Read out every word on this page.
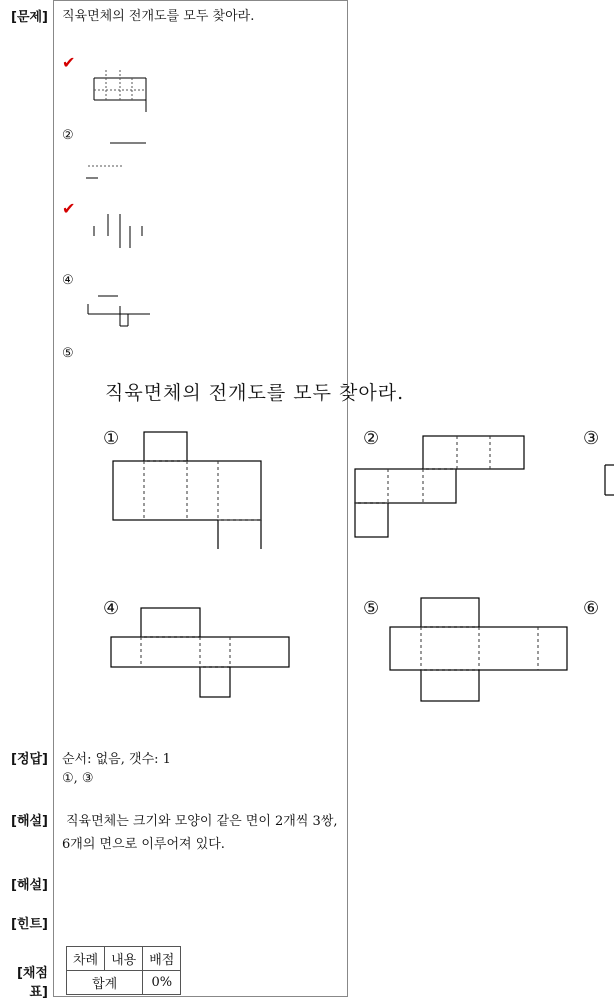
[문제]
[정답]
[해설]
[해설]
[힌트]
[채점표]
직육면체의 전개도를 모두 찾아라.
✔
②
✔
④
⑤
직육면체의 전개도를 모두 찾아라.
①	②	③
④	⑤	⑥
순서: 없음, 갯수: 1
①, ③
직육면체는 크기와 모양이 같은 면이 2개씩 3쌍,
6개의 면으로 이루어져 있다.
차례	내용	배점
합계		0%
